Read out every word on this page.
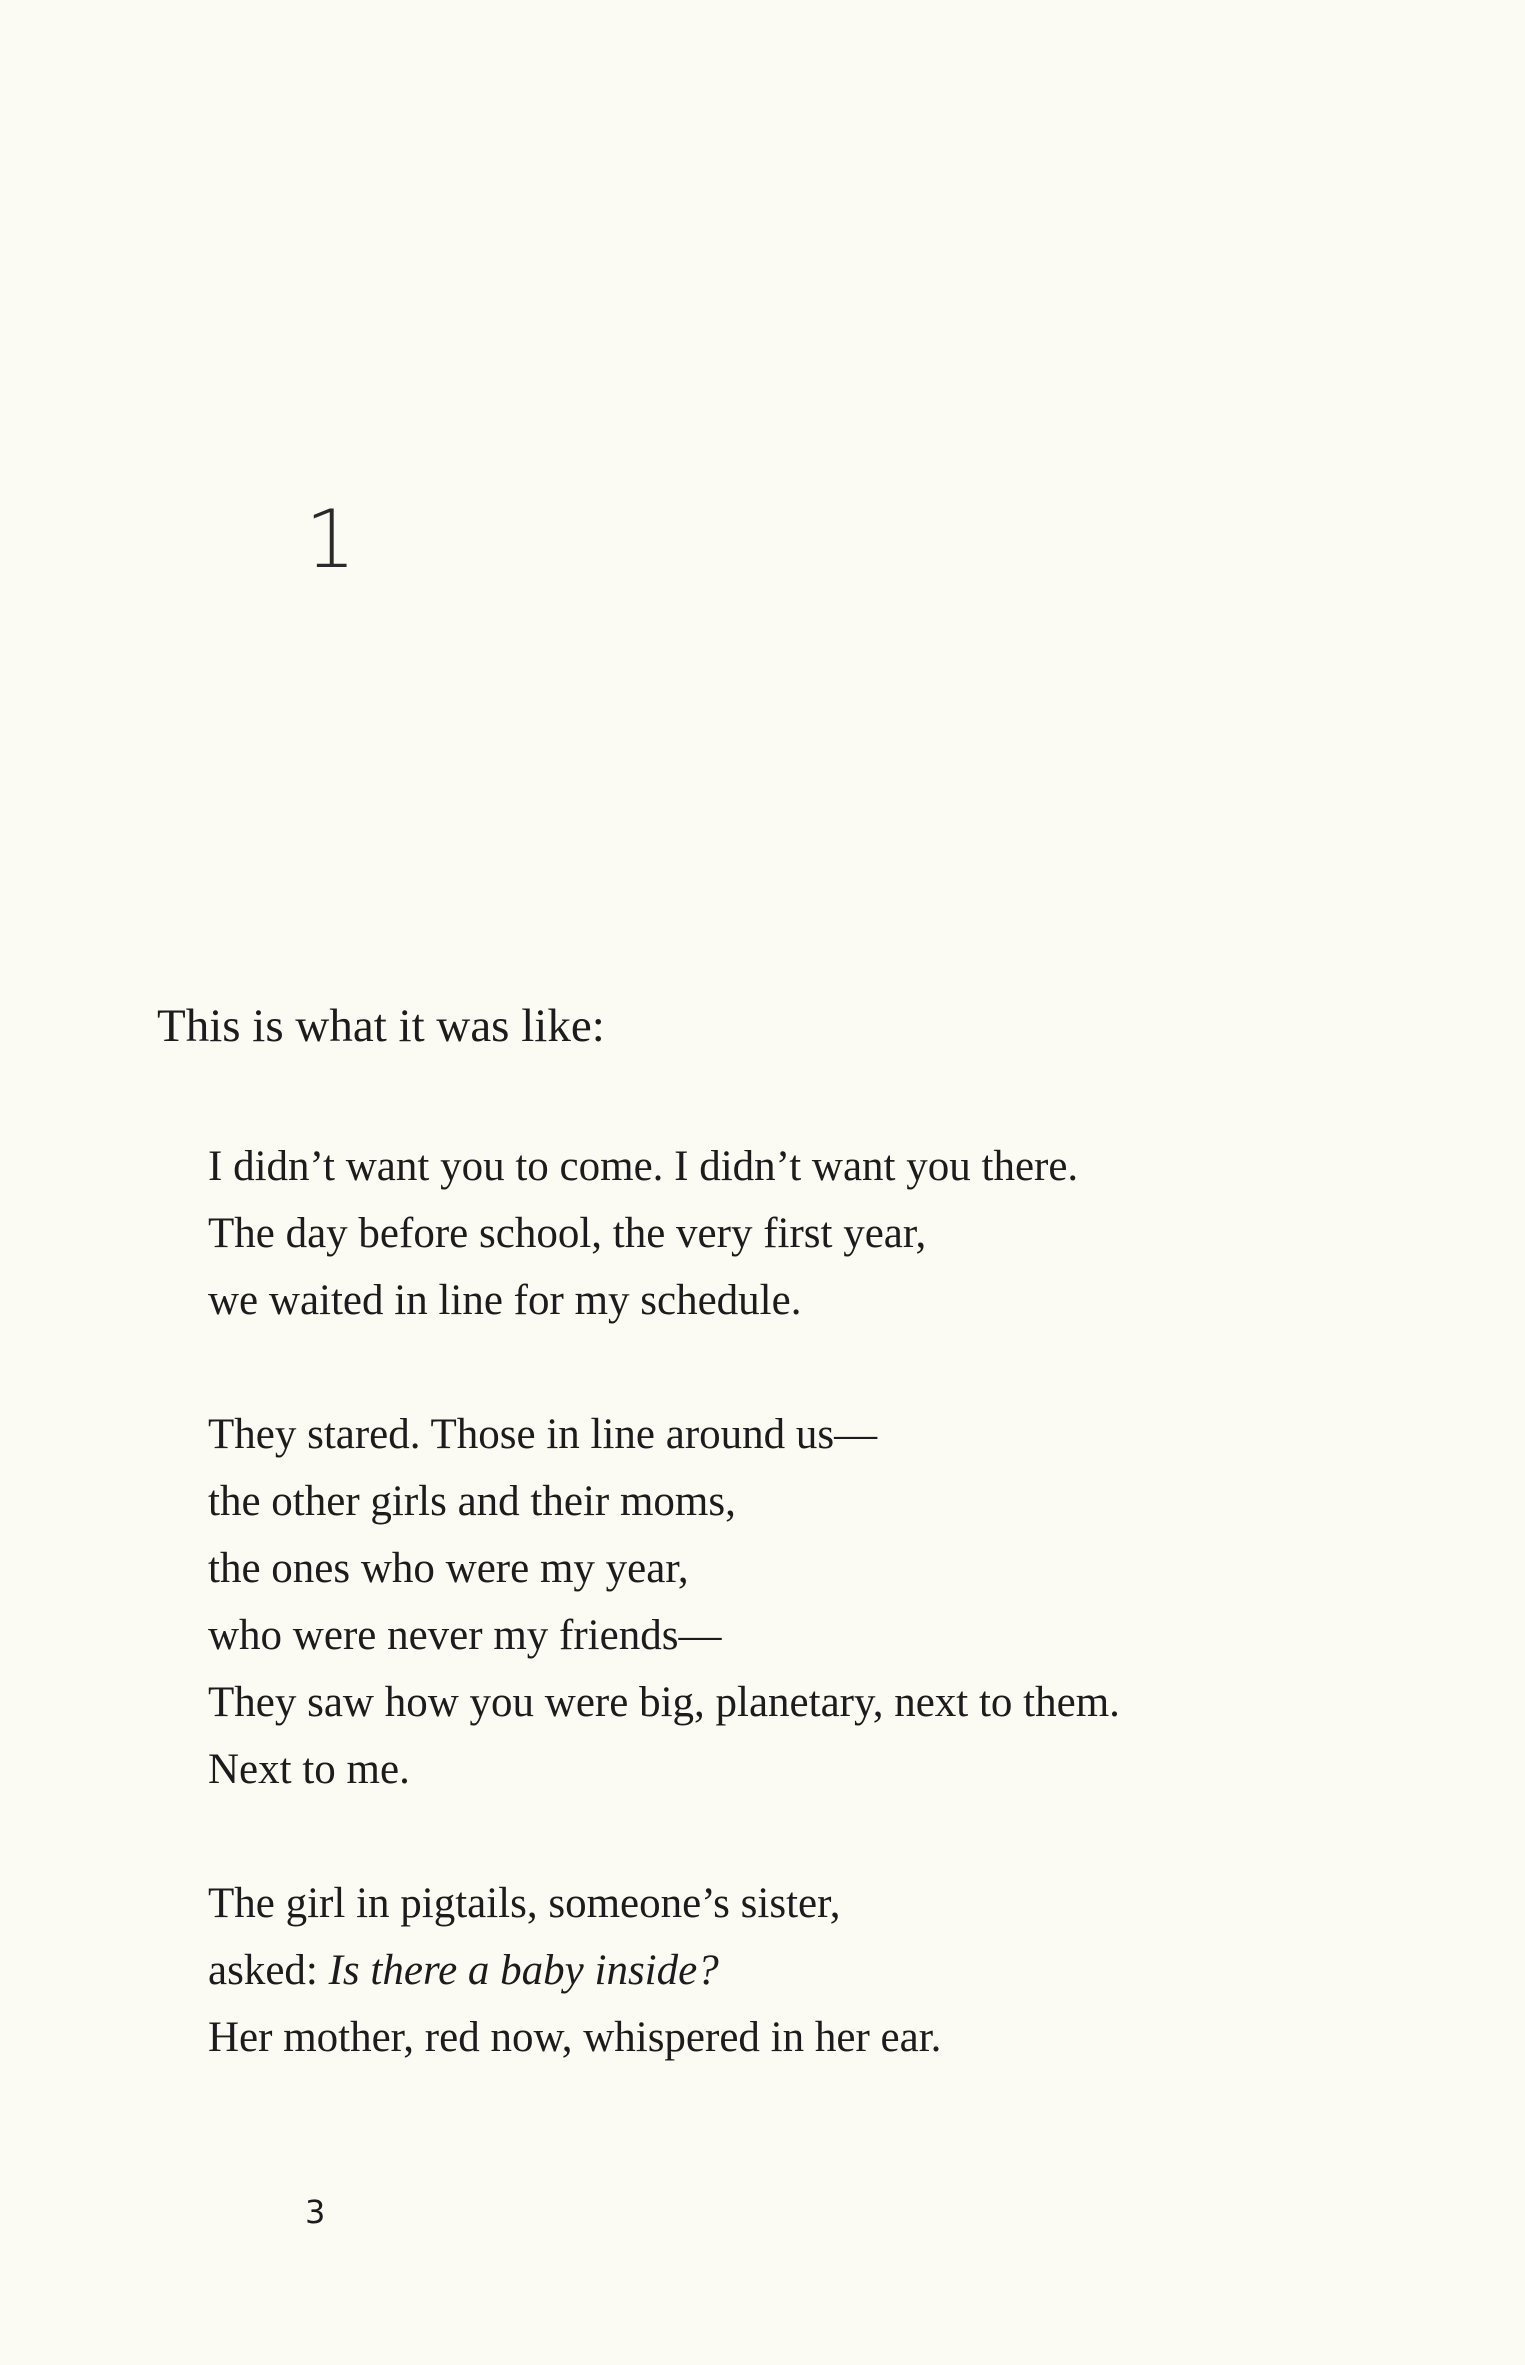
1
This is what it was like:
I didn’t want you to come. I didn’t want you there.
The day before school, the very first year,
we waited in line for my schedule.
They stared. Those in line around us—
the other girls and their moms,
the ones who were my year,
who were never my friends—
They saw how you were big, planetary, next to them.
Next to me.
The girl in pigtails, someone’s sister,
asked: Is there a baby inside?
Her mother, red now, whispered in her ear.
3
